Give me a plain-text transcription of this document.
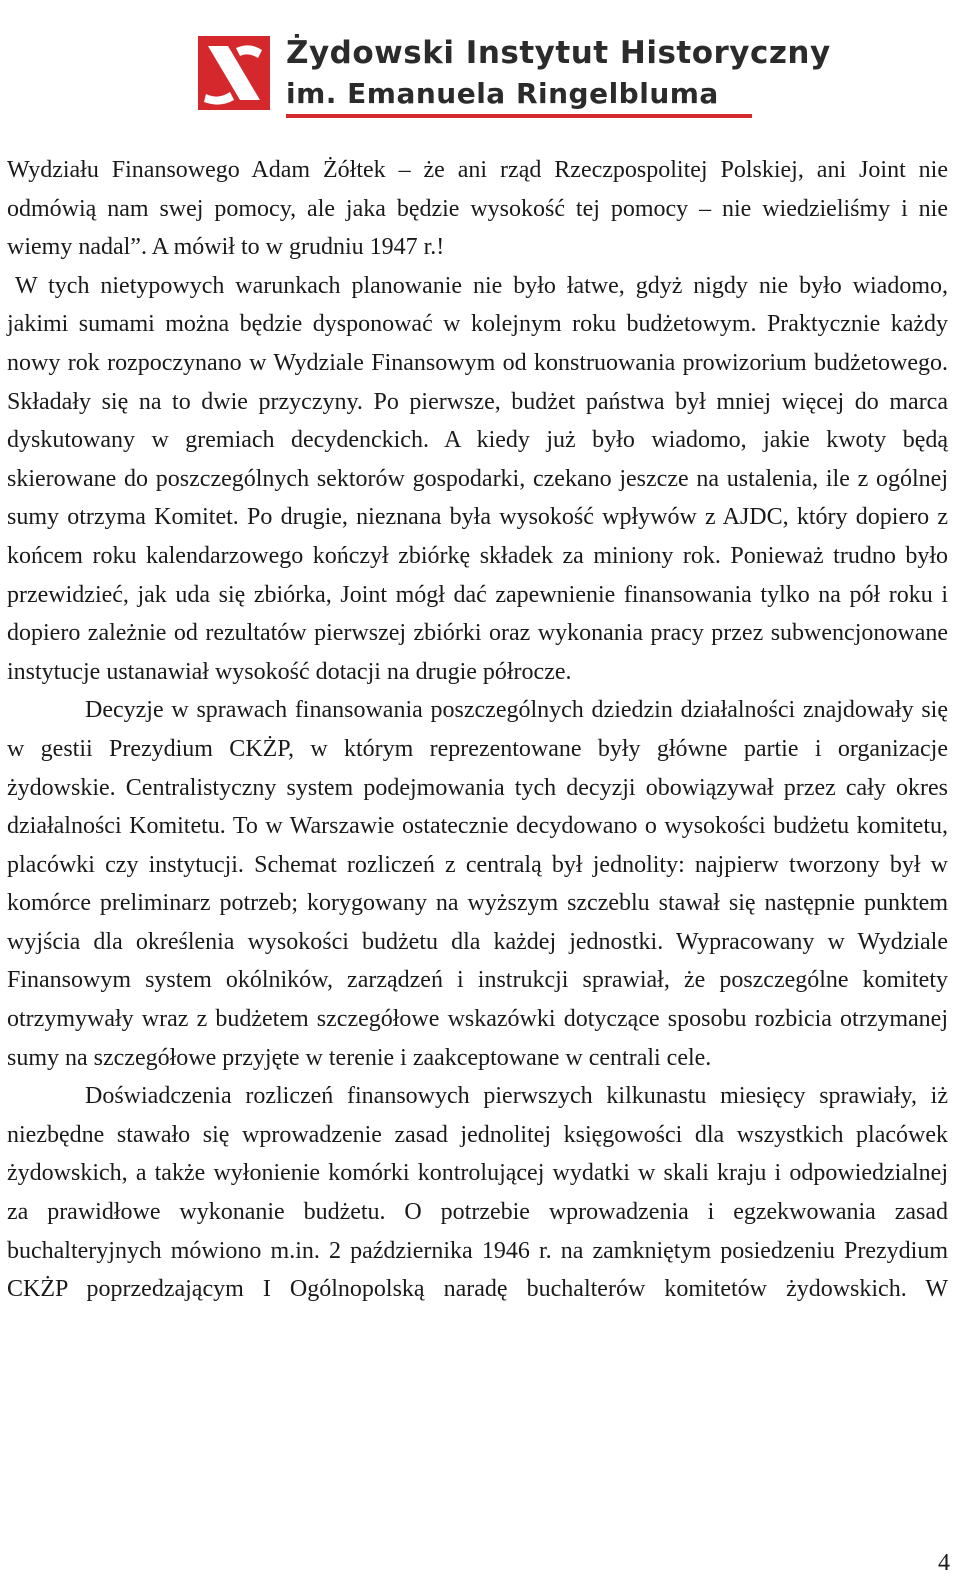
Żydowski Instytut Historyczny
im. Emanuela Ringelbluma

Wydziału Finansowego Adam Żółtek – że ani rząd Rzeczpospolitej Polskiej, ani Joint nie odmówią nam swej pomocy, ale jaka będzie wysokość tej pomocy – nie wiedzieliśmy i nie wiemy nadal”. A mówił to w grudniu 1947 r.!

W tych nietypowych warunkach planowanie nie było łatwe, gdyż nigdy nie było wiadomo, jakimi sumami można będzie dysponować w kolejnym roku budżetowym. Praktycznie każdy nowy rok rozpoczynano w Wydziale Finansowym od konstruowania prowizorium budżetowego. Składały się na to dwie przyczyny. Po pierwsze, budżet państwa był mniej więcej do marca dyskutowany w gremiach decydenckich. A kiedy już było wiadomo, jakie kwoty będą skierowane do poszczególnych sektorów gospodarki, czekano jeszcze na ustalenia, ile z ogólnej sumy otrzyma Komitet. Po drugie, nieznana była wysokość wpływów z AJDC, który dopiero z końcem roku kalendarzowego kończył zbiórkę składek za miniony rok. Ponieważ trudno było przewidzieć, jak uda się zbiórka, Joint mógł dać zapewnienie finansowania tylko na pół roku i dopiero zależnie od rezultatów pierwszej zbiórki oraz wykonania pracy przez subwencjonowane instytucje ustanawiał wysokość dotacji na drugie półrocze.

Decyzje w sprawach finansowania poszczególnych dziedzin działalności znajdowały się w gestii Prezydium CKŻP, w którym reprezentowane były główne partie i organizacje żydowskie. Centralistyczny system podejmowania tych decyzji obowiązywał przez cały okres działalności Komitetu. To w Warszawie ostatecznie decydowano o wysokości budżetu komitetu, placówki czy instytucji. Schemat rozliczeń z centralą był jednolity: najpierw tworzony był w komórce preliminarz potrzeb; korygowany na wyższym szczeblu stawał się następnie punktem wyjścia dla określenia wysokości budżetu dla każdej jednostki. Wypracowany w Wydziale Finansowym system okólników, zarządzeń i instrukcji sprawiał, że poszczególne komitety otrzymywały wraz z budżetem szczegółowe wskazówki dotyczące sposobu rozbicia otrzymanej sumy na szczegółowe przyjęte w terenie i zaakceptowane w centrali cele.

Doświadczenia rozliczeń finansowych pierwszych kilkunastu miesięcy sprawiały, iż niezbędne stawało się wprowadzenie zasad jednolitej księgowości dla wszystkich placówek żydowskich, a także wyłonienie komórki kontrolującej wydatki w skali kraju i odpowiedzialnej za prawidłowe wykonanie budżetu. O potrzebie wprowadzenia i egzekwowania zasad buchalteryjnych mówiono m.in. 2 października 1946 r. na zamkniętym posiedzeniu Prezydium CKŻP poprzedzającym I Ogólnopolską naradę buchalterów komitetów żydowskich. W

4
